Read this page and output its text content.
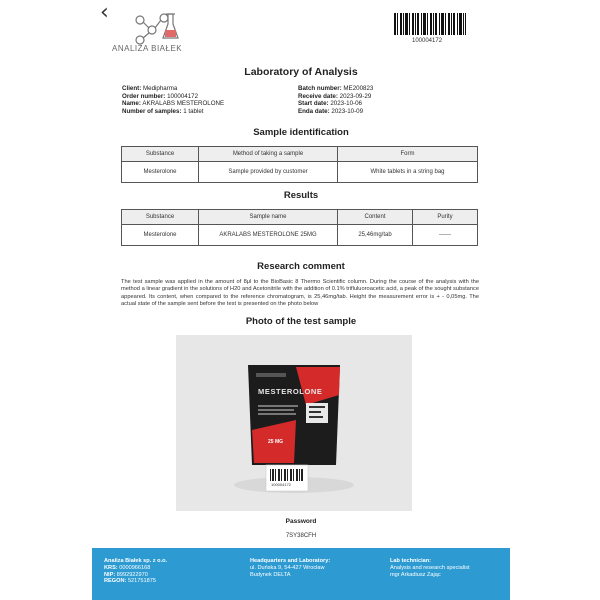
‹
ANALIZA BIAŁEK
100004172
Laboratory of Analysis
Client: Medipharma
Order number: 100004172
Name: AKRALABS MESTEROLONE
Number of samples: 1 tablet
Batch number: ME200823
Receive date: 2023-09-29
Start date: 2023-10-06
Enda date: 2023-10-09
Sample identification
Substance	Method of taking a sample	Form
Mesterolone	Sample provided by customer	White tablets in a string bag
Results
Substance	Sample name	Content	Purity
Mesterolone	AKRALABS MESTEROLONE 25MG	25,46mg/tab	------
Research comment

The test sample was applied in the amount of 8μl to the BioBasic 8 Thermo Scientific column. During the course of the analysis with the method a linear gradient in the solutions of H20 and Acetonitrile with the addition of 0.1% trifluluoroacetic acid, a peak of the sought substance appeared. Its content, when compared to the reference chromatogram, is 25,46mg/tab. Height the measurement error is + - 0,05mg. The actual state of the sample sent before the test is presented on the photo below

Photo of the test sample
MESTEROLONE
25 MG
100004172
Password
7SY38CFH
Analiza Białek sp. z o.o.
KRS: 0000966168
NIP: 8992922970
REGON: 521751875
Headquarters and Laboratory:
ul. Duńska 9, 54-427 Wrocław
Budynek DELTA
Lab technician:
Analysis and research specialist
mgr Arkadiusz Zając
